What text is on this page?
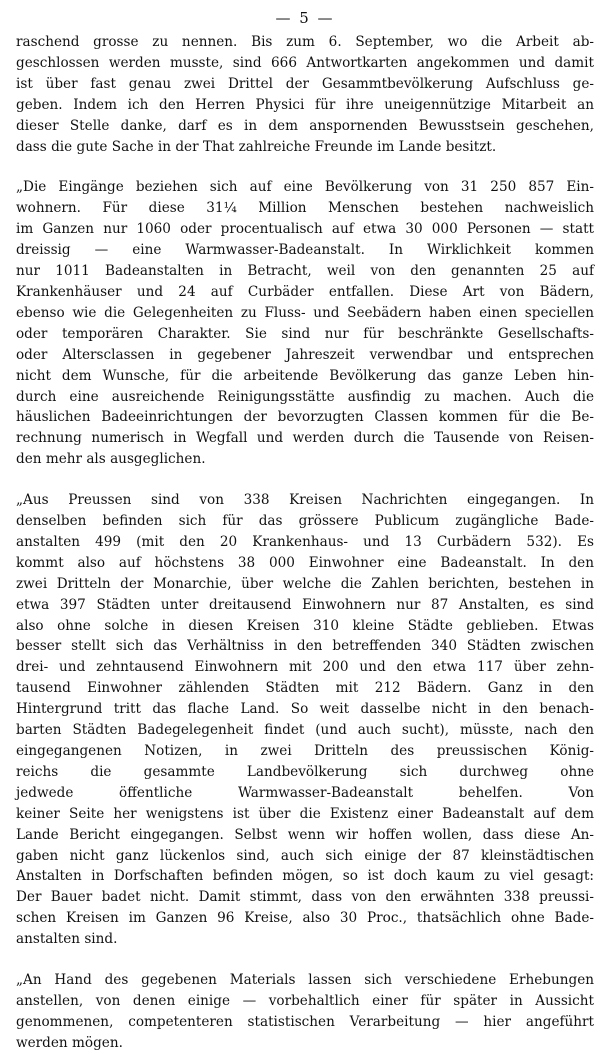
— 5 —

raschend grosse zu nennen. Bis zum 6. September, wo die Arbeit ab-
geschlossen werden musste, sind 666 Antwortkarten angekommen und damit
ist über fast genau zwei Drittel der Gesammtbevölkerung Aufschluss ge-
geben. Indem ich den Herren Physici für ihre uneigennützige Mitarbeit an
dieser Stelle danke, darf es in dem anspornenden Bewusstsein geschehen,
dass die gute Sache in der That zahlreiche Freunde im Lande besitzt.

„Die Eingänge beziehen sich auf eine Bevölkerung von 31 250 857 Ein-
wohnern. Für diese 31¼ Million Menschen bestehen nachweislich
im Ganzen nur 1060 oder procentualisch auf etwa 30 000 Personen — statt
dreissig — eine Warmwasser-Badeanstalt. In Wirklichkeit kommen
nur 1011 Badeanstalten in Betracht, weil von den genannten 25 auf
Krankenhäuser und 24 auf Curbäder entfallen. Diese Art von Bädern,
ebenso wie die Gelegenheiten zu Fluss- und Seebädern haben einen speciellen
oder temporären Charakter. Sie sind nur für beschränkte Gesellschafts-
oder Altersclassen in gegebener Jahreszeit verwendbar und entsprechen
nicht dem Wunsche, für die arbeitende Bevölkerung das ganze Leben hin-
durch eine ausreichende Reinigungsstätte ausfindig zu machen. Auch die
häuslichen Badeeinrichtungen der bevorzugten Classen kommen für die Be-
rechnung numerisch in Wegfall und werden durch die Tausende von Reisen-
den mehr als ausgeglichen.

„Aus Preussen sind von 338 Kreisen Nachrichten eingegangen. In
denselben befinden sich für das grössere Publicum zugängliche Bade-
anstalten 499 (mit den 20 Krankenhaus- und 13 Curbädern 532). Es
kommt also auf höchstens 38 000 Einwohner eine Badeanstalt. In den
zwei Dritteln der Monarchie, über welche die Zahlen berichten, bestehen in
etwa 397 Städten unter dreitausend Einwohnern nur 87 Anstalten, es sind
also ohne solche in diesen Kreisen 310 kleine Städte geblieben. Etwas
besser stellt sich das Verhältniss in den betreffenden 340 Städten zwischen
drei- und zehntausend Einwohnern mit 200 und den etwa 117 über zehn-
tausend Einwohner zählenden Städten mit 212 Bädern. Ganz in den
Hintergrund tritt das flache Land. So weit dasselbe nicht in den benach-
barten Städten Badegelegenheit findet (und auch sucht), müsste, nach den
eingegangenen Notizen, in zwei Dritteln des preussischen König-
reichs die gesammte Landbevölkerung sich durchweg ohne
jedwede öffentliche Warmwasser-Badeanstalt behelfen. Von
keiner Seite her wenigstens ist über die Existenz einer Badeanstalt auf dem
Lande Bericht eingegangen. Selbst wenn wir hoffen wollen, dass diese An-
gaben nicht ganz lückenlos sind, auch sich einige der 87 kleinstädtischen
Anstalten in Dorfschaften befinden mögen, so ist doch kaum zu viel gesagt:
Der Bauer badet nicht. Damit stimmt, dass von den erwähnten 338 preussi-
schen Kreisen im Ganzen 96 Kreise, also 30 Proc., thatsächlich ohne Bade-
anstalten sind.

„An Hand des gegebenen Materials lassen sich verschiedene Erhebungen
anstellen, von denen einige — vorbehaltlich einer für später in Aussicht
genommenen, competenteren statistischen Verarbeitung — hier angeführt
werden mögen.
